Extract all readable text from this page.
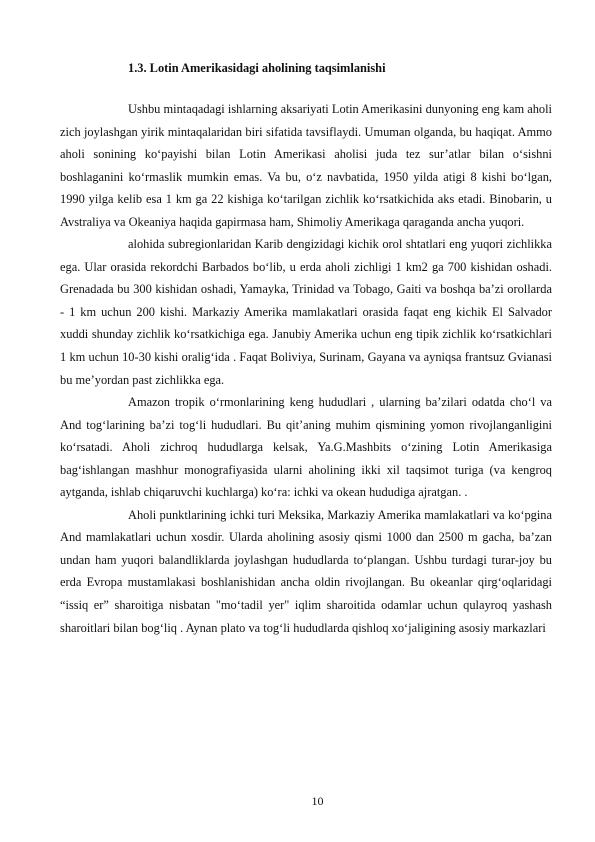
1.3. Lotin Amerikasidagi aholining taqsimlanishi

Ushbu mintaqadagi ishlarning aksariyati Lotin Amerikasini dunyoning eng kam aholi zich joylashgan yirik mintaqalaridan biri sifatida tavsiflaydi. Umuman olganda, bu haqiqat. Ammo aholi sonining ko‘payishi bilan Lotin Amerikasi aholisi juda tez sur’atlar bilan o‘sishni boshlaganini ko‘rmaslik mumkin emas. Va bu, o‘z navbatida, 1950 yilda atigi 8 kishi bo‘lgan, 1990 yilga kelib esa 1 km ga 22 kishiga ko‘tarilgan zichlik ko‘rsatkichida aks etadi. Binobarin, u Avstraliya va Okeaniya haqida gapirmasa ham, Shimoliy Amerikaga qaraganda ancha yuqori.

alohida subregionlaridan Karib dengizidagi kichik orol shtatlari eng yuqori zichlikka ega. Ular orasida rekordchi Barbados bo‘lib, u erda aholi zichligi 1 km2 ga 700 kishidan oshadi. Grenadada bu 300 kishidan oshadi, Yamayka, Trinidad va Tobago, Gaiti va boshqa ba’zi orollarda - 1 km uchun 200 kishi. Markaziy Amerika mamlakatlari orasida faqat eng kichik El Salvador xuddi shunday zichlik ko‘rsatkichiga ega. Janubiy Amerika uchun eng tipik zichlik ko‘rsatkichlari 1 km uchun 10-30 kishi oralig‘ida . Faqat Boliviya, Surinam, Gayana va ayniqsa frantsuz Gvianasi bu me’yordan past zichlikka ega.

Amazon tropik o‘rmonlarining keng hududlari , ularning ba’zilari odatda cho‘l va And tog‘larining ba’zi tog‘li hududlari. Bu qit’aning muhim qismining yomon rivojlanganligini ko‘rsatadi. Aholi zichroq hududlarga kelsak, Ya.G.Mashbits o‘zining Lotin Amerikasiga bag‘ishlangan mashhur monografiyasida ularni aholining ikki xil taqsimot turiga (va kengroq aytganda, ishlab chiqaruvchi kuchlarga) ko‘ra: ichki va okean hududiga ajratgan. .

Aholi punktlarining ichki turi Meksika, Markaziy Amerika mamlakatlari va ko‘pgina And mamlakatlari uchun xosdir. Ularda aholining asosiy qismi 1000 dan 2500 m gacha, ba’zan undan ham yuqori balandliklarda joylashgan hududlarda to‘plangan. Ushbu turdagi turar-joy bu erda Evropa mustamlakasi boshlanishidan ancha oldin rivojlangan. Bu okeanlar qirg‘oqlaridagi “issiq er” sharoitiga nisbatan "mo‘tadil yer" iqlim sharoitida odamlar uchun qulayroq yashash sharoitlari bilan bog‘liq . Aynan plato va tog‘li hududlarda qishloq xo‘jaligining asosiy markazlari

10
